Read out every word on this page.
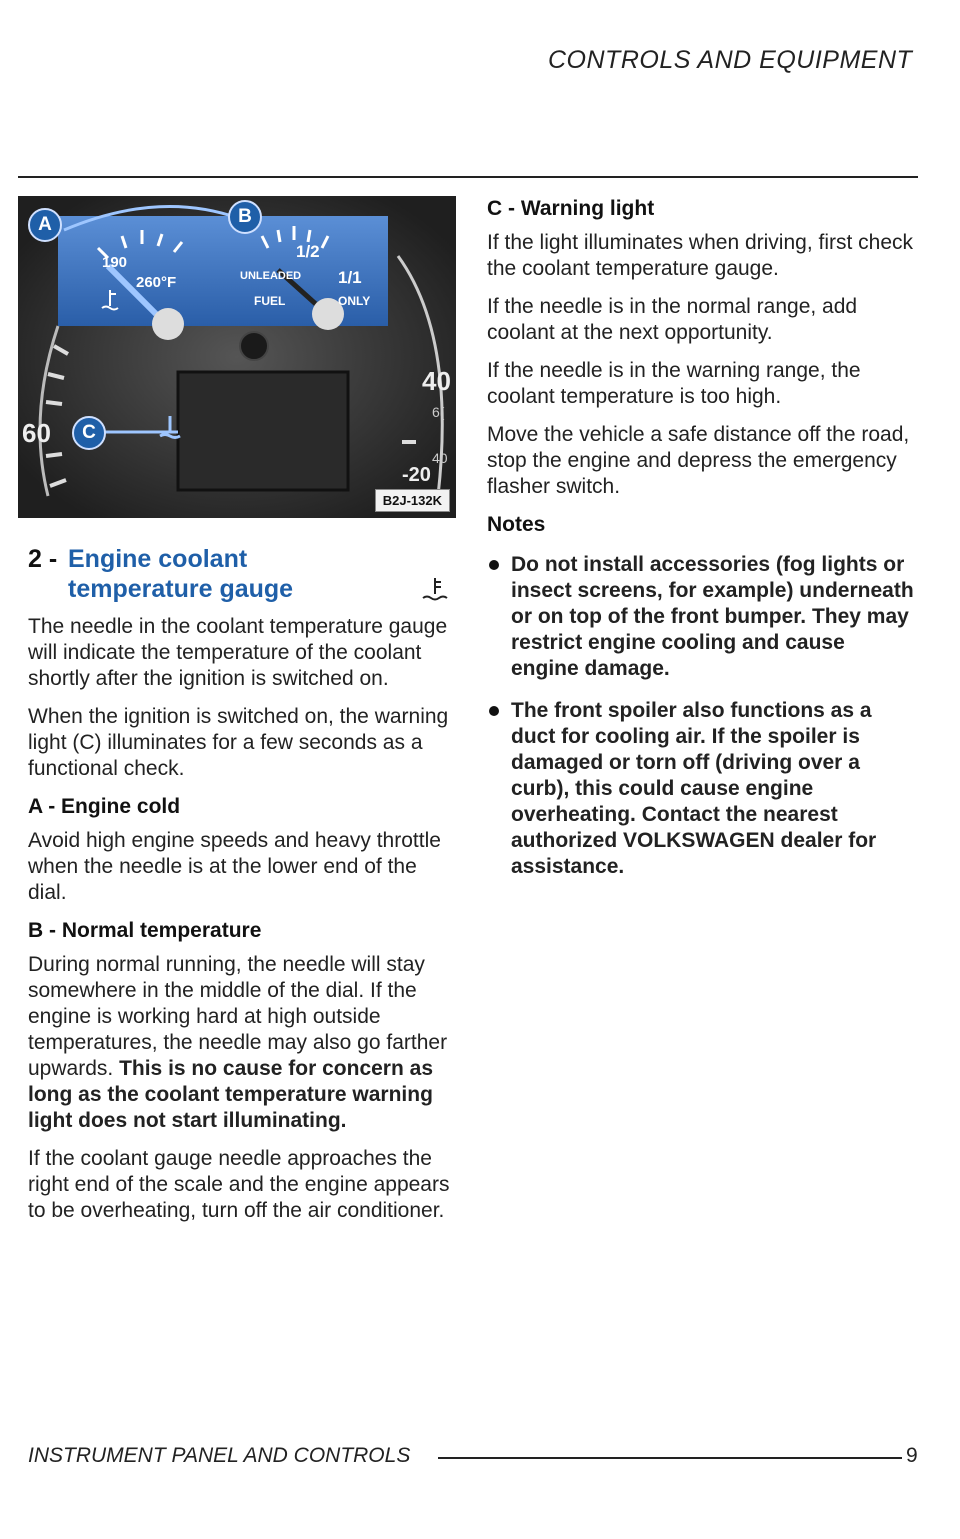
CONTROLS AND EQUIPMENT
A	B
C
190
260°F
1/2
UNLEADED
FUEL
1/1
ONLY
60
40
6(
40
-20
B2J-132K
2 - Engine coolant
temperature gauge

The needle in the coolant temperature gauge will indicate the temperature of the coolant shortly after the ignition is switched on.

When the ignition is switched on, the warning light (C) illuminates for a few seconds as a functional check.

A - Engine cold

Avoid high engine speeds and heavy throttle when the needle is at the lower end of the dial.

B - Normal temperature

During normal running, the needle will stay somewhere in the middle of the dial. If the engine is working hard at high outside temperatures, the needle may also go farther upwards. This is no cause for concern as long as the coolant temperature warning light does not start illuminating.

If the coolant gauge needle approaches the right end of the scale and the engine appears to be overheating, turn off the air conditioner.

C - Warning light

If the light illuminates when driving, first check the coolant temperature gauge.

If the needle is in the normal range, add coolant at the next opportunity.

If the needle is in the warning range, the coolant temperature is too high.

Move the vehicle a safe distance off the road, stop the engine and depress the emergency flasher switch.

Notes
Do not install accessories (fog lights or insect screens, for example) underneath or on top of the front bumper. They may restrict engine cooling and cause engine damage.
The front spoiler also functions as a duct for cooling air. If the spoiler is damaged or torn off (driving over a curb), this could cause engine overheating. Contact the nearest authorized VOLKSWAGEN dealer for assistance.
INSTRUMENT PANEL AND CONTROLS	9
